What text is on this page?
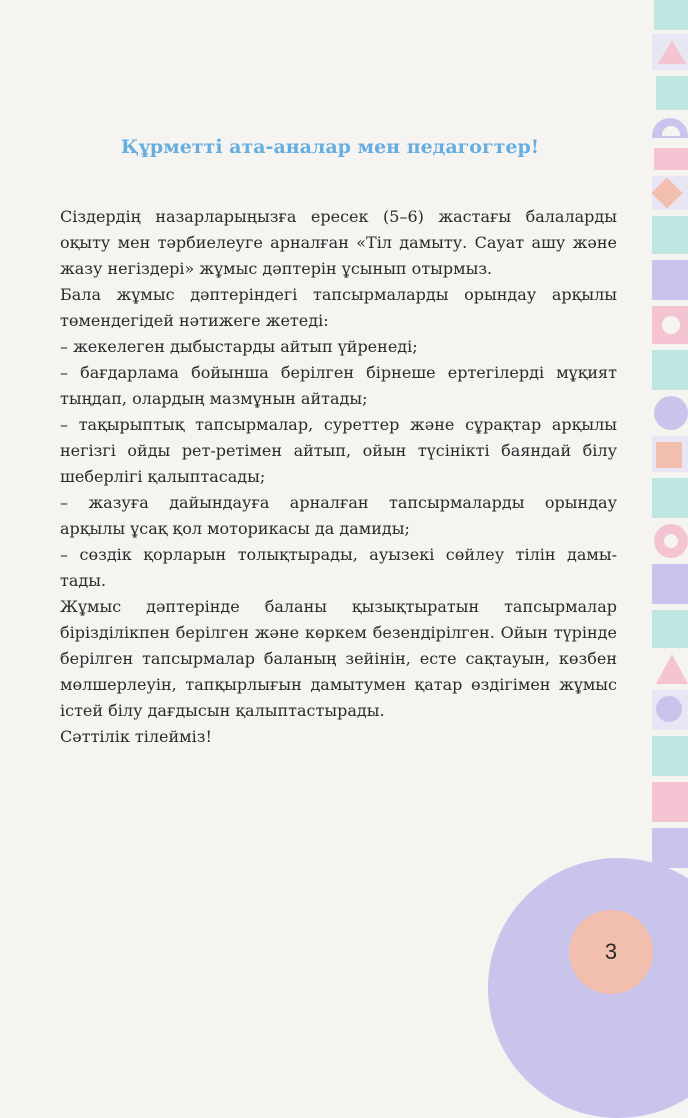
3
Құрметті ата-аналар мен педагогтер!
Сіздердің назарларыңызға ересек (5–6) жастағы балаларды
оқыту мен тәрбиелеуге арналған «Тіл дамыту. Сауат ашу және
жазу негіздері» жұмыс дәптерін ұсынып отырмыз.
Бала жұмыс дәптеріндегі тапсырмаларды орындау арқылы
төмендегідей нәтижеге жетеді:
– жекелеген дыбыстарды айтып үйренеді;
– бағдарлама бойынша берілген бірнеше ертегілерді мұқият
тыңдап, олардың мазмұнын айтады;
– тақырыптық тапсырмалар, суреттер және сұрақтар арқылы
негізгі ойды рет-ретімен айтып, ойын түсінікті баяндай білу
шеберлігі қалыптасады;
– жазуға дайындауға арналған тапсырмаларды орындау
арқылы ұсақ қол моторикасы да дамиды;
– сөздік қорларын толықтырады, ауызекі сөйлеу тілін дамы-
тады.
Жұмыс дәптерінде баланы қызықтыратын тапсырмалар
біріздiлiкпен берілген және көркем безендірілген. Ойын түрінде
берілген тапсырмалар баланың зейінін, есте сақтауын, көзбен
мөлшерлеуін, тапқырлығын дамытумен қатар өздігімен жұмыс
істей білу дағдысын қалыптастырады.
Сәттілік тілейміз!
